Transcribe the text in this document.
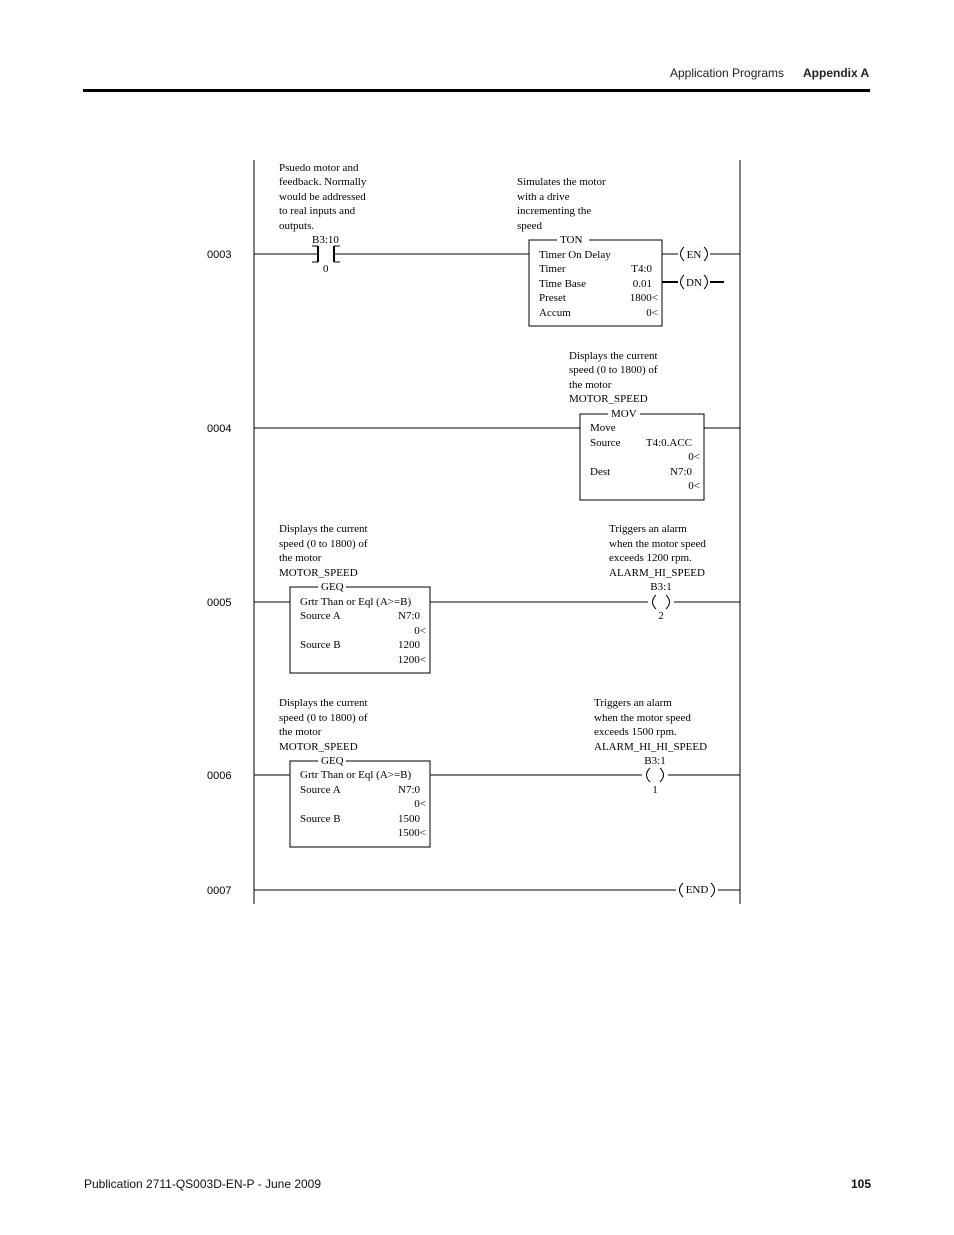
Application Programs Appendix A
0003
0004
0005
0006
0007
Psuedo motor and
feedback. Normally
would be addressed
to real inputs and
outputs.
B3:10
0
Simulates the motor
with a drive
incrementing the
speed
TON
Timer On Delay
Timer	T4:0
Time Base	0.01
Preset	1800<
Accum	0<
EN
DN
Displays the current
speed (0 to 1800) of
the motor
MOTOR_SPEED
MOV
Move
Source T4:0.ACC
0<
Dest	N7:0
0<
Displays the current
speed (0 to 1800) of
the motor
MOTOR_SPEED
Triggers an alarm
when the motor speed
exceeds 1200 rpm.
ALARM_HI_SPEED
GEQ
Grtr Than or Eql (A>=B)
Source A	N7:0
0<
Source B	1200
1200<
B3:1
2
Displays the current
speed (0 to 1800) of
the motor
MOTOR_SPEED
Triggers an alarm
when the motor speed
exceeds 1500 rpm.
ALARM_HI_HI_SPEED
GEQ
Grtr Than or Eql (A>=B)
Source A	N7:0
0<
Source B	1500
1500<
B3:1
1
END
Publication 2711-QS003D-EN-P - June 2009	105
